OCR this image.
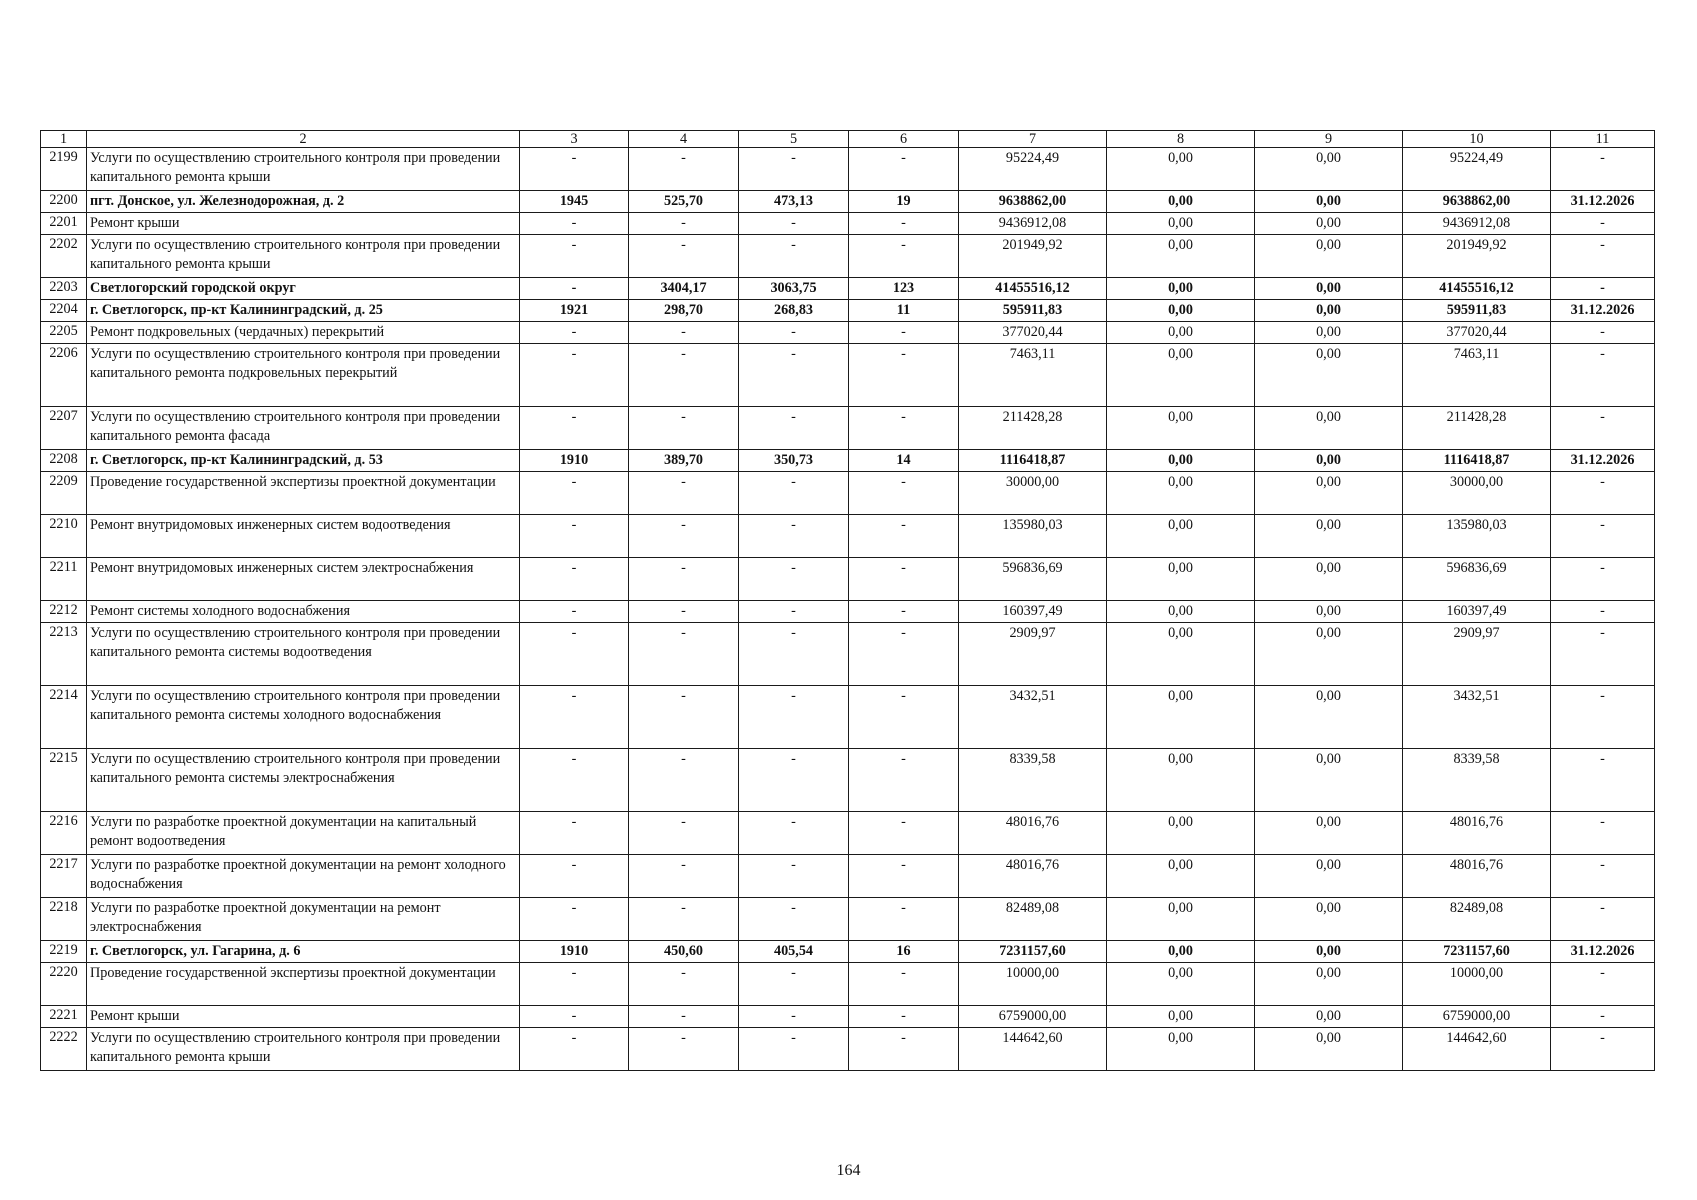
1	2	3	4	5	6	7	8	9	10	11
2199	Услуги по осуществлению строительного контроля при проведении капитального ремонта крыши	-	-	-	-	95224,49	0,00	0,00	95224,49	-
2200	пгт. Донское, ул. Железнодорожная, д. 2	1945	525,70	473,13	19	9638862,00	0,00	0,00	9638862,00	31.12.2026
2201	Ремонт крыши	-	-	-	-	9436912,08	0,00	0,00	9436912,08	-
2202	Услуги по осуществлению строительного контроля при проведении капитального ремонта крыши	-	-	-	-	201949,92	0,00	0,00	201949,92	-
2203	Светлогорский городской округ	-	3404,17	3063,75	123	41455516,12	0,00	0,00	41455516,12	-
2204	г. Светлогорск, пр-кт Калининградский, д. 25	1921	298,70	268,83	11	595911,83	0,00	0,00	595911,83	31.12.2026
2205	Ремонт подкровельных (чердачных) перекрытий	-	-	-	-	377020,44	0,00	0,00	377020,44	-
2206	Услуги по осуществлению строительного контроля при проведении капитального ремонта подкровельных перекрытий	-	-	-	-	7463,11	0,00	0,00	7463,11	-
2207	Услуги по осуществлению строительного контроля при проведении капитального ремонта фасада	-	-	-	-	211428,28	0,00	0,00	211428,28	-
2208	г. Светлогорск, пр-кт Калининградский, д. 53	1910	389,70	350,73	14	1116418,87	0,00	0,00	1116418,87	31.12.2026
2209	Проведение государственной экспертизы проектной документации	-	-	-	-	30000,00	0,00	0,00	30000,00	-
2210	Ремонт внутридомовых инженерных систем водоотведения	-	-	-	-	135980,03	0,00	0,00	135980,03	-
2211	Ремонт внутридомовых инженерных систем электроснабжения	-	-	-	-	596836,69	0,00	0,00	596836,69	-
2212	Ремонт системы холодного водоснабжения	-	-	-	-	160397,49	0,00	0,00	160397,49	-
2213	Услуги по осуществлению строительного контроля при проведении капитального ремонта системы водоотведения	-	-	-	-	2909,97	0,00	0,00	2909,97	-
2214	Услуги по осуществлению строительного контроля при проведении капитального ремонта системы холодного водоснабжения	-	-	-	-	3432,51	0,00	0,00	3432,51	-
2215	Услуги по осуществлению строительного контроля при проведении капитального ремонта системы электроснабжения	-	-	-	-	8339,58	0,00	0,00	8339,58	-
2216	Услуги по разработке проектной документации на капитальный ремонт водоотведения	-	-	-	-	48016,76	0,00	0,00	48016,76	-
2217	Услуги по разработке проектной документации на ремонт холодного водоснабжения	-	-	-	-	48016,76	0,00	0,00	48016,76	-
2218	Услуги по разработке проектной документации на ремонт электроснабжения	-	-	-	-	82489,08	0,00	0,00	82489,08	-
2219	г. Светлогорск, ул. Гагарина, д. 6	1910	450,60	405,54	16	7231157,60	0,00	0,00	7231157,60	31.12.2026
2220	Проведение государственной экспертизы проектной документации	-	-	-	-	10000,00	0,00	0,00	10000,00	-
2221	Ремонт крыши	-	-	-	-	6759000,00	0,00	0,00	6759000,00	-
2222	Услуги по осуществлению строительного контроля при проведении капитального ремонта крыши	-	-	-	-	144642,60	0,00	0,00	144642,60	-
164
